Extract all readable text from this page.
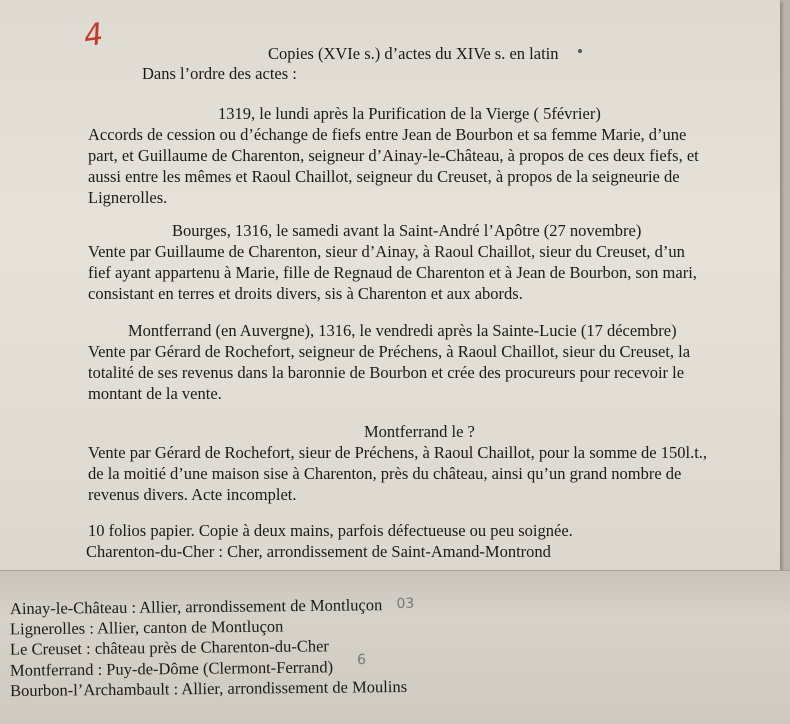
4	Copies (XVIe s.) d’actes du XIVe s. en latin
Dans l’ordre des actes :
1319, le lundi après la Purification de la Vierge ( 5février)
Accords de cession ou d’échange de fiefs entre Jean de Bourbon et sa femme Marie, d’une
part, et Guillaume de Charenton, seigneur d’Ainay-le-Château, à propos de ces deux fiefs, et
aussi entre les mêmes et Raoul Chaillot, seigneur du Creuset, à propos de la seigneurie de
Lignerolles.
Bourges, 1316, le samedi avant la Saint-André l’Apôtre (27 novembre)
Vente par Guillaume de Charenton, sieur d’Ainay, à Raoul Chaillot, sieur du Creuset, d’un
fief ayant appartenu à Marie, fille de Regnaud de Charenton et à Jean de Bourbon, son mari,
consistant en terres et droits divers, sis à Charenton et aux abords.
Montferrand (en Auvergne), 1316, le vendredi après la Sainte-Lucie (17 décembre)
Vente par Gérard de Rochefort, seigneur de Préchens, à Raoul Chaillot, sieur du Creuset, la
totalité de ses revenus dans la baronnie de Bourbon et crée des procureurs pour recevoir le
montant de la vente.
Montferrand le ?
Vente par Gérard de Rochefort, sieur de Préchens, à Raoul Chaillot, pour la somme de 150l.t.,
de la moitié d’une maison sise à Charenton, près du château, ainsi qu’un grand nombre de
revenus divers. Acte incomplet.
10 folios papier. Copie à deux mains, parfois défectueuse ou peu soignée.
Charenton-du-Cher : Cher, arrondissement de Saint-Amand-Montrond
Ainay-le-Château : Allier, arrondissement de Montluçon 03
Lignerolles : Allier, canton de Montluçon
Le Creuset : château près de Charenton-du-Cher
Montferrand : Puy-de-Dôme (Clermont-Ferrand) $^6$
Bourbon-l’Archambault : Allier, arrondissement de Moulins
